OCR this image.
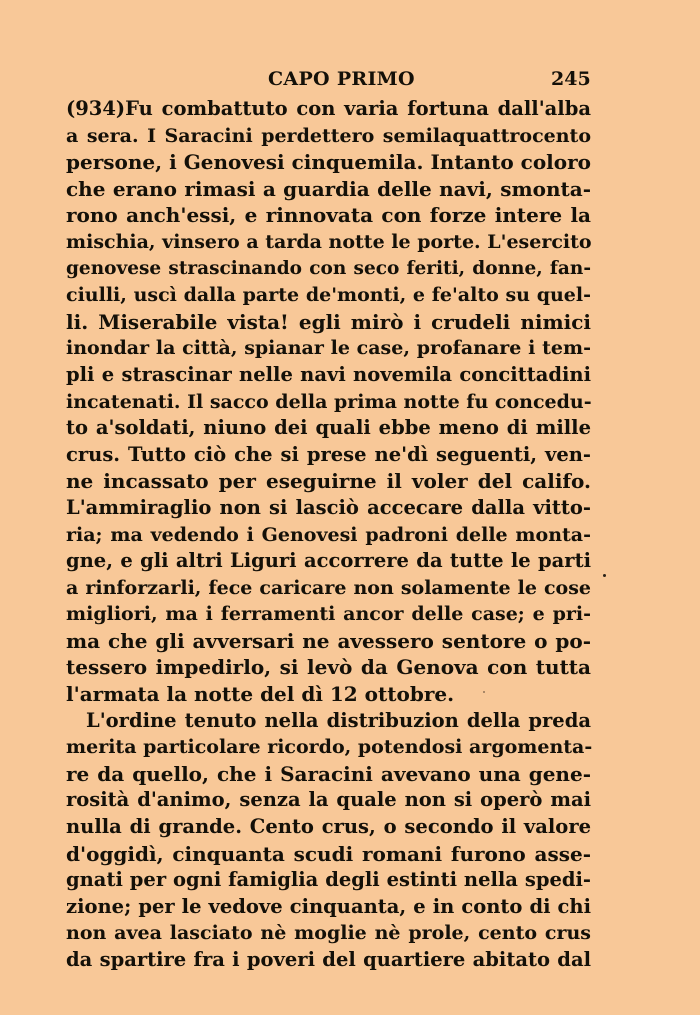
CAPO PRIMO	245
(934)Fu combattuto con varia fortuna dall'alba
a sera. I Saracini perdettero semilaquattrocento
persone, i Genovesi cinquemila. Intanto coloro
che erano rimasi a guardia delle navi, smonta-
rono anch'essi, e rinnovata con forze intere la
mischia, vinsero a tarda notte le porte. L'esercito
genovese strascinando con seco feriti, donne, fan-
ciulli, uscì dalla parte de'monti, e fe'alto su quel-
li. Miserabile vista! egli mirò i crudeli nimici
inondar la città, spianar le case, profanare i tem-
pli e strascinar nelle navi novemila concittadini
incatenati. Il sacco della prima notte fu concedu-
to a'soldati, niuno dei quali ebbe meno di mille
crus. Tutto ciò che si prese ne'dì seguenti, ven-
ne incassato per eseguirne il voler del califo.
L'ammiraglio non si lasciò accecare dalla vitto-
ria; ma vedendo i Genovesi padroni delle monta-
gne, e gli altri Liguri accorrere da tutte le parti
a rinforzarli, fece caricare non solamente le cose
migliori, ma i ferramenti ancor delle case; e pri-
ma che gli avversari ne avessero sentore o po-
tessero impedirlo, si levò da Genova con tutta
l'armata la notte del dì 12 ottobre.
L'ordine tenuto nella distribuzion della preda
merita particolare ricordo, potendosi argomenta-
re da quello, che i Saracini avevano una gene-
rosità d'animo, senza la quale non si operò mai
nulla di grande. Cento crus, o secondo il valore
d'oggidì, cinquanta scudi romani furono asse-
gnati per ogni famiglia degli estinti nella spedi-
zione; per le vedove cinquanta, e in conto di chi
non avea lasciato nè moglie nè prole, cento crus
da spartire fra i poveri del quartiere abitato dal
